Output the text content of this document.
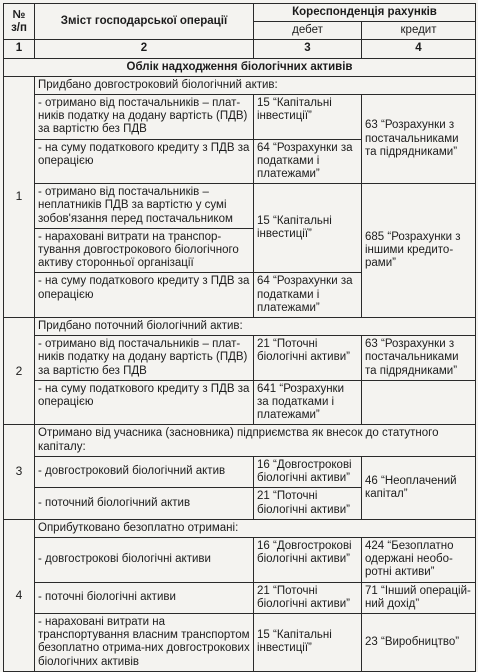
№ з/п	Зміст господарської операції	Кореспонденція рахунків	
		дебет	кредит
1	2	3	4
Облік надходження біологічних активів			
1	Придбано довгостроковий біологічний актив:		
	- отримано від постачальників – плат-ників податку на додану вартість (ПДВ) за вартістю без ПДВ	15 “Капітальні інвестиції”	63 “Розрахунки з постачальниками та підрядниками”
	- на суму податкового кредиту з ПДВ за операцією	64 “Розрахунки за податками і платежами”	
	- отримано від постачальників – неплатників ПДВ за вартістю у сумі зобов'язання перед постачальником	15 “Капітальні інвестиції”	685 “Розрахунки з іншими кредито-рами”
	- нараховані витрати на транспор-тування довгострокового біологічного активу сторонньої організації		
	- на суму податкового кредиту з ПДВ за операцією	64 “Розрахунки за податками і платежами”	
2	Придбано поточний біологічний актив:		
	- отримано від постачальників – плат-ників податку на додану вартість (ПДВ) за вартістю без ПДВ	21 “Поточні біологічні активи”	63 “Розрахунки з постачальниками та підрядниками”
	- на суму податкового кредиту з ПДВ за операцією	641 “Розрахунки за податками і платежами”	
3	Отримано від учасника (засновника) підприємства як внесок до статутного капіталу:		
	- довгостроковий біологічний актив	16 “Довгострокові біологічні активи”	46 “Неоплачений капітал”
	- поточний біологічний актив	21 “Поточні біологічні активи”	
4	Оприбутковано безоплатно отримані:		
	- довгострокові біологічні активи	16 “Довгострокові біологічні активи”	424 “Безоплатно одержані необо-ротні активи”
	- поточні біологічні активи	21 “Поточні біологічні активи”	71 “Інший операцій-ний дохід”
	- нараховані витрати на транспортування власним транспортом безоплатно отрима-них довгострокових біологічних активів	15 “Капітальні інвестиції”	23 “Виробництво”
